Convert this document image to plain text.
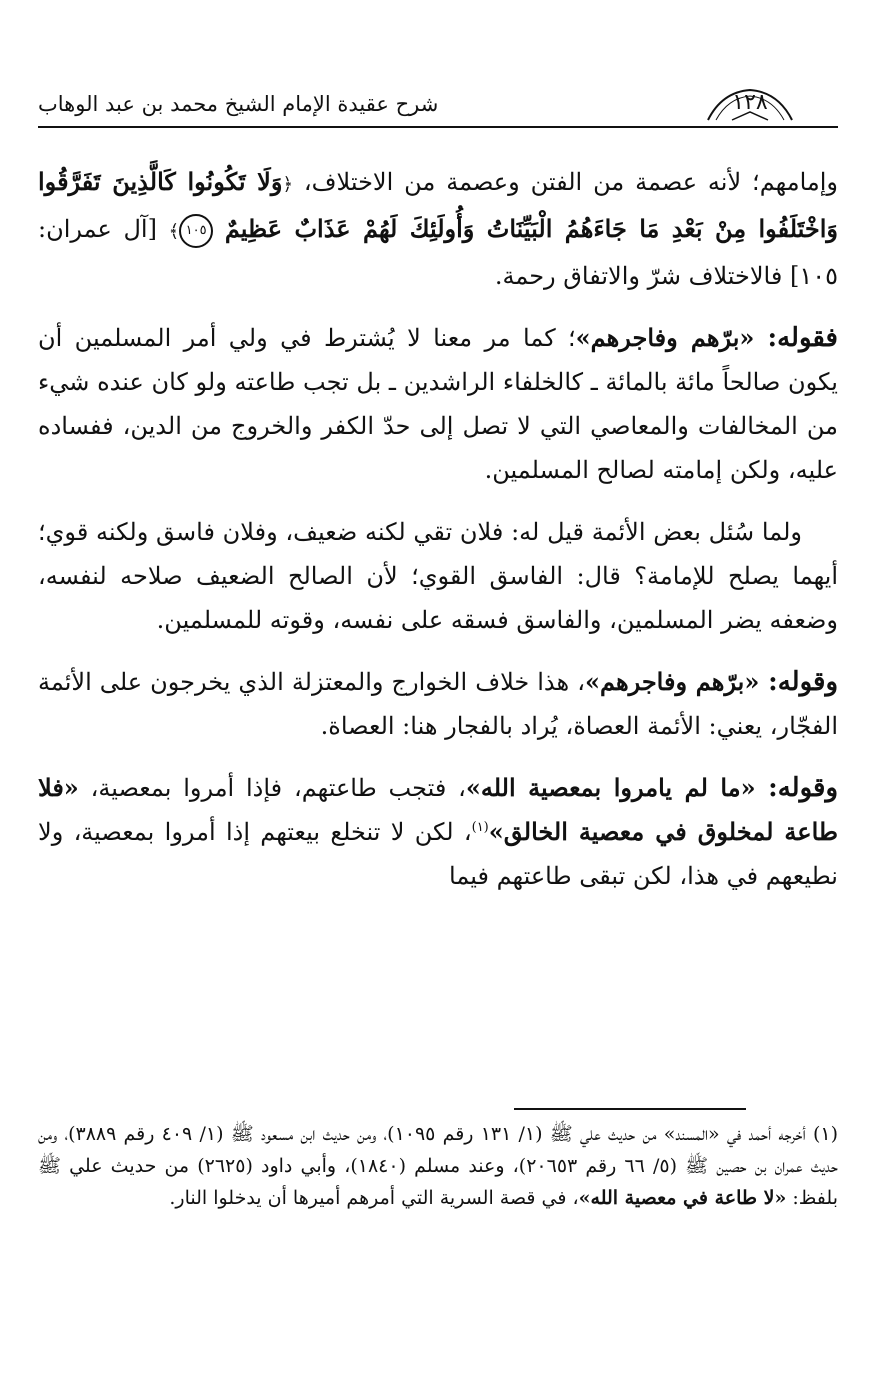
شرح عقيدة الإمام الشيخ محمد بن عبد الوهاب	١٢٨

وإمامهم؛ لأنه عصمة من الفتن وعصمة من الاختلاف، ﴿وَلَا تَكُونُوا كَالَّذِينَ تَفَرَّقُوا وَاخْتَلَفُوا مِنْ بَعْدِ مَا جَاءَهُمُ الْبَيِّنَاتُ وَأُولَئِكَ لَهُمْ عَذَابٌ عَظِيمٌ ١٠٥﴾ [آل عمران: ١٠٥] فالاختلاف شرّ والاتفاق رحمة.

فقوله: «برّهم وفاجرهم»؛ كما مر معنا لا يُشترط في ولي أمر المسلمين أن يكون صالحاً مائة بالمائة ـ كالخلفاء الراشدين ـ بل تجب طاعته ولو كان عنده شيء من المخالفات والمعاصي التي لا تصل إلى حدّ الكفر والخروج من الدين، ففساده عليه، ولكن إمامته لصالح المسلمين.

ولما سُئل بعض الأئمة قيل له: فلان تقي لكنه ضعيف، وفلان فاسق ولكنه قوي؛ أيهما يصلح للإمامة؟ قال: الفاسق القوي؛ لأن الصالح الضعيف صلاحه لنفسه، وضعفه يضر المسلمين، والفاسق فسقه على نفسه، وقوته للمسلمين.

وقوله: «برّهم وفاجرهم»، هذا خلاف الخوارج والمعتزلة الذي يخرجون على الأئمة الفجّار، يعني: الأئمة العصاة، يُراد بالفجار هنا: العصاة.

وقوله: «ما لم يامروا بمعصية الله»، فتجب طاعتهم، فإذا أمروا بمعصية، «فلا طاعة لمخلوق في معصية الخالق»$^{(١)}$، لكن لا تنخلع بيعتهم إذا أمروا بمعصية، ولا نطيعهم في هذا، لكن تبقى طاعتهم فيما

(١) أخرجه أحمد في «المسند» من حديث علي ﷺ (١/ ١٣١ رقم ١٠٩٥)، ومن حديث ابن مسعود ﷺ (١/ ٤٠٩ رقم ٣٨٨٩)، ومن حديث عمران بن حصين ﷺ (٥/ ٦٦ رقم ٢٠٦٥٣)، وعند مسلم (١٨٤٠)، وأبي داود (٢٦٢٥) من حديث علي ﷺ بلفظ: «لا طاعة في معصية الله»، في قصة السرية التي أمرهم أميرها أن يدخلوا النار.
